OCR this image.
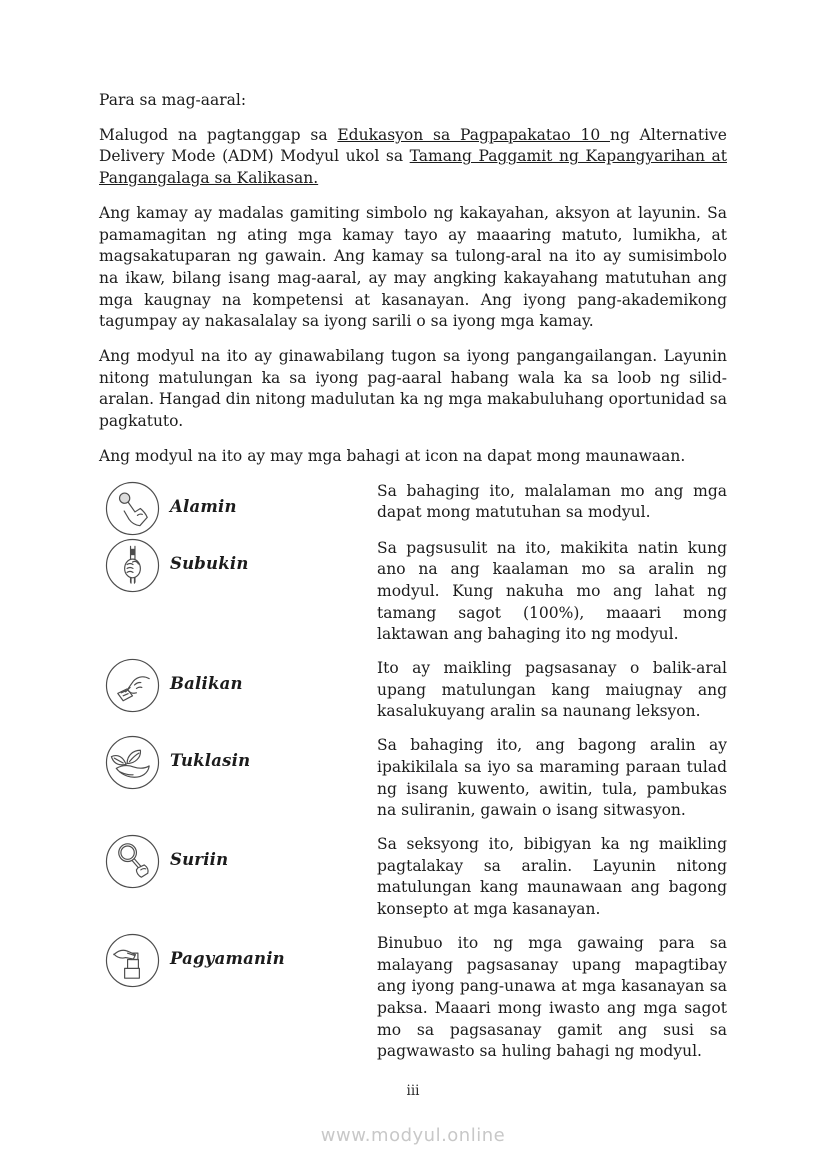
Para sa mag-aaral:

Malugod na pagtanggap sa Edukasyon sa Pagpapakatao 10 ng Alternative Delivery Mode (ADM) Modyul ukol sa Tamang Paggamit ng Kapangyarihan at Pangangalaga sa Kalikasan.

Ang kamay ay madalas gamiting simbolo ng kakayahan, aksyon at layunin. Sa pamamagitan ng ating mga kamay tayo ay maaaring matuto, lumikha, at magsakatuparan ng gawain. Ang kamay sa tulong-aral na ito ay sumisimbolo na ikaw, bilang isang mag-aaral, ay may angking kakayahang matutuhan ang mga kaugnay na kompetensi at kasanayan. Ang iyong pang-akademikong tagumpay ay nakasalalay sa iyong sarili o sa iyong mga kamay.

Ang modyul na ito ay ginawabilang tugon sa iyong pangangailangan. Layunin nitong matulungan ka sa iyong pag-aaral habang wala ka sa loob ng silid-aralan. Hangad din nitong madulutan ka ng mga makabuluhang oportunidad sa pagkatuto.

Ang modyul na ito ay may mga bahagi at icon na dapat mong maunawaan.

Alamin
Sa bahaging ito, malalaman mo ang mga dapat mong matutuhan sa modyul.
Subukin
Sa pagsusulit na ito, makikita natin kung ano na ang kaalaman mo sa aralin ng modyul. Kung nakuha mo ang lahat ng tamang sagot (100%), maaari mong laktawan ang bahaging ito ng modyul.
Balikan
Ito ay maikling pagsasanay o balik-aral upang matulungan kang maiugnay ang kasalukuyang aralin sa naunang leksyon.
Tuklasin
Sa bahaging ito, ang bagong aralin ay ipakikilala sa iyo sa maraming paraan tulad ng isang kuwento, awitin, tula, pambukas na suliranin, gawain o isang sitwasyon.
Suriin
Sa seksyong ito, bibigyan ka ng maikling pagtalakay sa aralin. Layunin nitong matulungan kang maunawaan ang bagong konsepto at mga kasanayan.
Pagyamanin
Binubuo ito ng mga gawaing para sa malayang pagsasanay upang mapagtibay ang iyong pang-unawa at mga kasanayan sa paksa. Maaari mong iwasto ang mga sagot mo sa pagsasanay gamit ang susi sa pagwawasto sa huling bahagi ng modyul.
iii
www.modyul.online
